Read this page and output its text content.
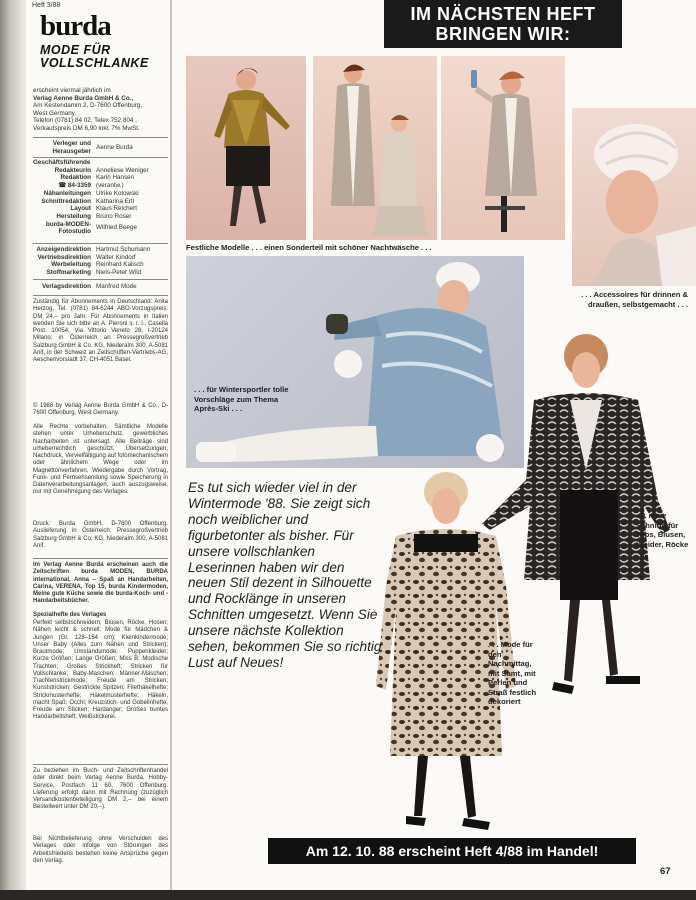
Heft 3/88
burda
MODE FÜR
VOLLSCHLANKE
erscheint viermal jährlich im
Verlag Aenne Burda GmbH & Co.,
Am Kestendamm 2, D-7600 Offenburg,
West Germany.
Telefon (0781) 84 02, Telex 752 804 ,
Verkaufspreis DM 6,90 inkl. 7% MwSt.
Verleger und Herausgeber
Aenne Burda
Geschäftsführende
Redakteurin Anneliese Weniger
Redaktion Karin Hansen
☎ 84-3359 (verantw.)
Nähanleitungen Ulrike Kolowski
Schnittredaktion Katharina Ertl
Layout Klaus Reichert
Herstellung Bruno Roser
burda-MODEN-Fotostudio
Wilfried Beege
Anzeigendirektion Hartmut Schumann
Vertriebsdirektion Walter Kindorf
Werbeleitung Reinhard Kalisch
Stoffmarketing Niels-Peter Wild
Verlagsdirektion Manfred Mode
Zuständig für Abonnements in Deutschland: Anita Herzog, Tel. (0781) 84-6244 ABO-Vorzugspreis: DM 24,– pro Jahr. Für Abonnements in Italien wenden Sie sich bitte an A. Pieroni s. r. l., Casella Post. 10054, Via Vittorio Veneto 28, I-20124 Milano; in Österreich an Pressegroßvertrieb Salzburg GmbH & Co. KG, Niederalm 300, A-5081 Anif, in der Schweiz an Zeitschriften-Vertriebs-AG, Aeschenvorstadt 37, CH-4051 Basel.
© 1988 by Verlag Aenne Burda GmbH & Co., D-7600 Offenburg, West Germany.
Alle Rechte vorbehalten. Sämtliche Modelle stehen unter Urheberschutz, gewerbliches Nacharbeiten ist untersagt. Alle Beiträge sind urheberrechtlich geschützt. Übersetzungen, Nachdruck, Vervielfältigung auf fotomechanischem oder ähnlichem Wege oder im Magnettonverfahren, Wiedergabe durch Vortrag, Funk- und Fernsehsendung sowie Speicherung in Datenverarbeitungsanlagen, auch auszugsweise, nur mit Genehmigung des Verlages.
Druck: Burda GmbH, D-7600 Offenburg. Auslieferung in Österreich: Pressegroßvertrieb Salzburg GmbH & Co. KG, Niederalm 300, A-5081 Anif.
Im Verlag Aenne Burda erscheinen auch die Zeitschriften burda MODEN, BURDA international, Anna – Spaß an Handarbeiten, Carina, VERENA, Top 15, burda Kindermoden, Meine gute Küche sowie die burda-Koch- und -Handarbeitsbücher.
Spezialhefte des Verlages
Perfekt selbstschneidern; Blusen, Röcke, Hosen; Nähen leicht & schnell; Mode für Mädchen & Jungen (Gr. 128–164 cm); Kleinkindermode; Unser Baby (Alles zum Nähen und Stricken); Brautmode; Umstandsmode; Puppenkleider; Kurze Größen; Lange Größen; Miss B: Modische Trachten; Großes Strickheft; Stricken für Vollschlanke; Baby-Maschen; Männer-Maschen; Trachtenstrickmode; Freude am Stricken; Kunststricken; Gestrickte Spitzen; Filethäkelhefte; Strickmusterhefte; Häkelmusterhefte; Häkeln, macht Spaß; Occhi; Kreuzstich- und Gobelinhefte, Freude am Sticken; Hardanger; Großes buntes Handarbeitsheft; Weißstickerei.
Zu beziehen im Buch- und Zeitschriftenhandel oder direkt beim Verlag Aenne Burda, Hobby-Service, Postfach 11 60, 7600 Offenburg. Lieferung erfolgt dann mit Rechnung (zuzüglich Versandkostenbeteiligung DM 2,– bei einem Bestellwert unter DM 20,–).
Bei Nichtbelieferung ohne Verschulden des Verlages oder infolge von Störungen des Arbeitsfriedens bestehen keine Ansprüche gegen den Verlag.
IM NÄCHSTEN HEFT
BRINGEN WIR:
Festliche Modelle . . . einen Sonderteil mit schöner Nachtwäsche . . .
. . . für Wintersportler tolle Vorschläge zum Thema Après-Ski . . .
. . . Accessoires für drinnen & draußen, selbstgemacht . . .
. . . neue Schnitte für Tops, Blusen, Kleider, Röcke . . .
. . . Mode für den Nachmittag, mit Samt, mit Perlen und Straß festlich dekoriert
Es tut sich wieder viel in der Wintermode '88. Sie zeigt sich noch weiblicher und figurbetonter als bisher. Für unsere vollschlanken Leserinnen haben wir den neuen Stil dezent in Silhouette und Rocklänge in unseren Schnitten umgesetzt. Wenn Sie unsere nächste Kollektion sehen, bekommen Sie so richtig Lust auf Neues!
Am 12. 10. 88 erscheint Heft 4/88 im Handel!
67
